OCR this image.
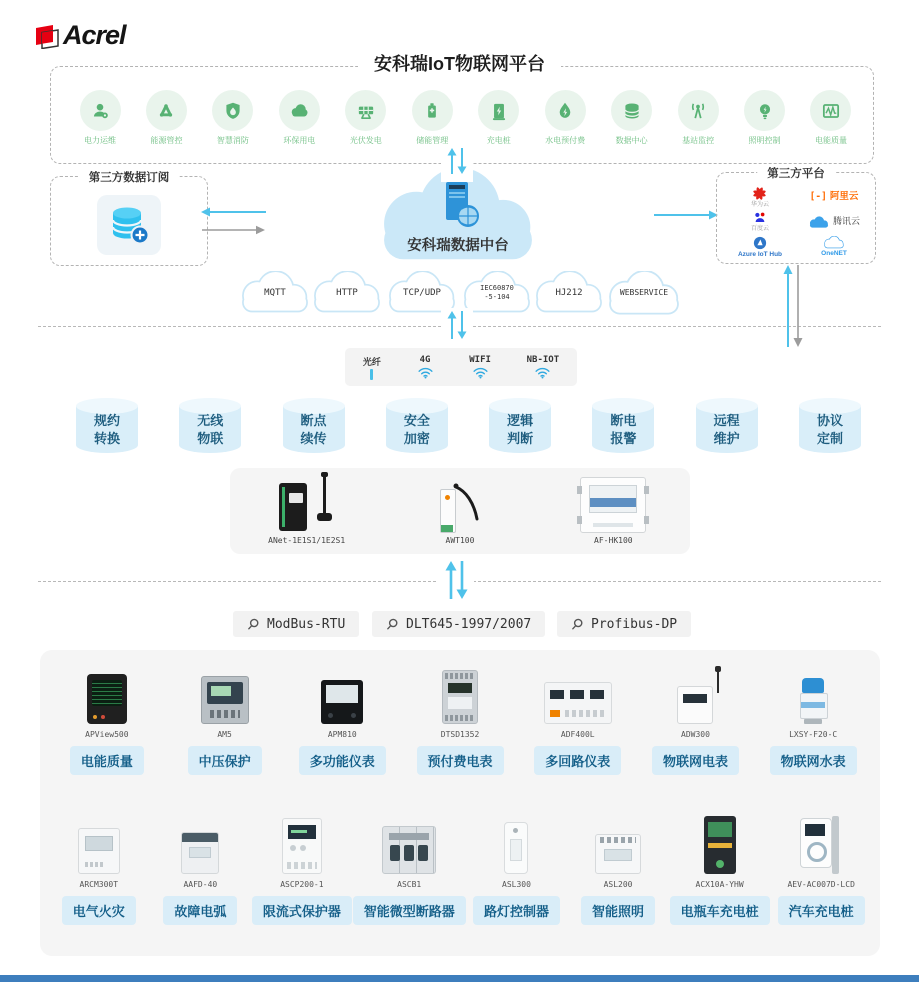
Acrel
安科瑞IoT物联网平台
电力运维	能源管控	智慧消防	环保用电	光伏发电	储能管理	充电桩	水电预付费	数据中心	基站监控	照明控制	电能质量
第三方数据订阅
安科瑞数据中台
第三方平台
华为云
[-] 阿里云
百度云
腾讯云
Azure IoT Hub	OneNET
MQTT	HTTP	TCP/UDP	IEC60870
-5-104	HJ212	WEBSERVICE
光纤	4G	WIFI	NB-IOT
规约
转换
无线
物联
断点
续传
安全
加密
逻辑
判断
断电
报警
远程
维护
协议
定制
ANet-1E1S1/1E2S1	AWT100	AF-HK100
ModBus-RTU	DLT645-1997/2007	Profibus-DP
APView500
电能质量
AM5
中压保护
APM810
多功能仪表
DTSD1352
预付费电表
ADF400L
多回路仪表
ADW300
物联网电表
LXSY-F20-C
物联网水表
ARCM300T
电气火灾
AAFD-40
故障电弧
ASCP200-1
限流式保护器
ASCB1
智能微型断路器
ASL300
路灯控制器
ASL200
智能照明
ACX10A-YHW
电瓶车充电桩
AEV-AC007D-LCD
汽车充电桩
